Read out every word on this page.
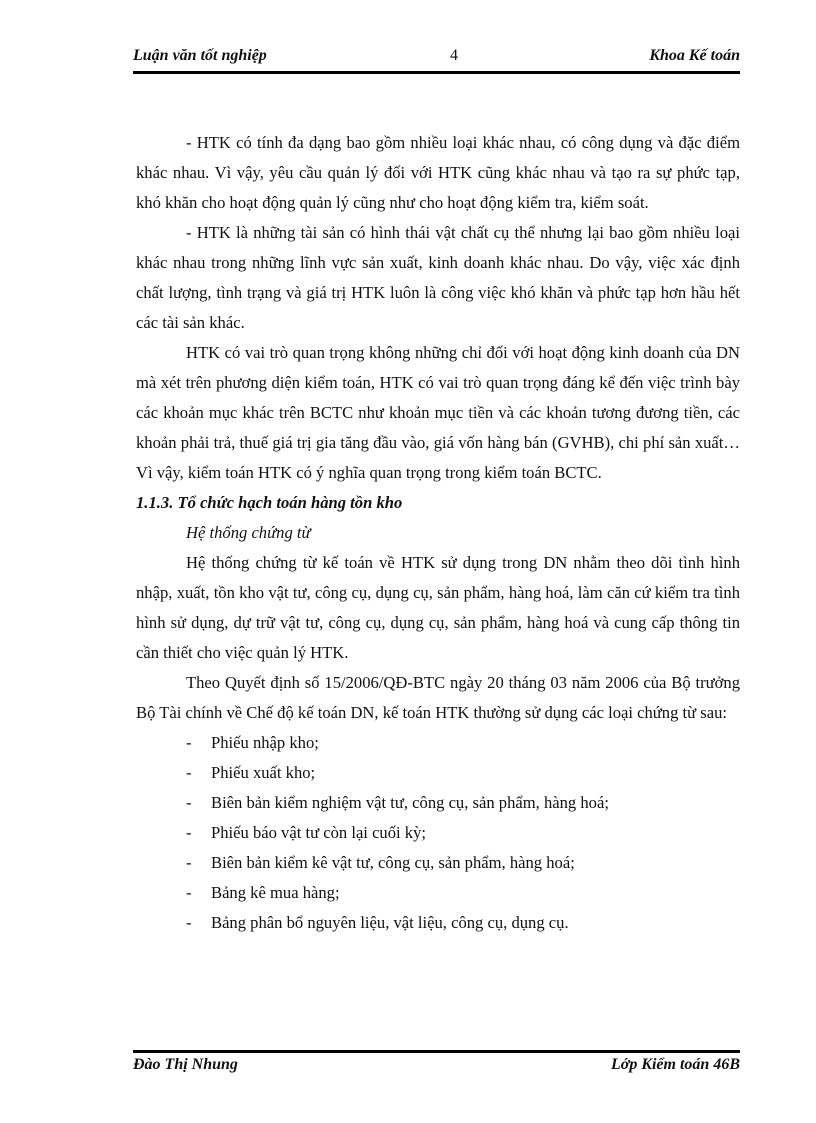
Luận văn tốt nghiệp	4	Khoa Kế toán

- HTK có tính đa dạng bao gồm nhiều loại khác nhau, có công dụng và đặc điểm khác nhau. Vì vậy, yêu cầu quản lý đối với HTK cũng khác nhau và tạo ra sự phức tạp, khó khăn cho hoạt động quản lý cũng như cho hoạt động kiểm tra, kiểm soát.

- HTK là những tài sản có hình thái vật chất cụ thể nhưng lại bao gồm nhiều loại khác nhau trong những lĩnh vực sản xuất, kinh doanh khác nhau. Do vậy, việc xác định chất lượng, tình trạng và giá trị HTK luôn là công việc khó khăn và phức tạp hơn hầu hết các tài sản khác.

HTK có vai trò quan trọng không những chỉ đối với hoạt động kinh doanh của DN mà xét trên phương diện kiểm toán, HTK có vai trò quan trọng đáng kể đến việc trình bày các khoản mục khác trên BCTC như khoản mục tiền và các khoản tương đương tiền, các khoản phải trả, thuế giá trị gia tăng đầu vào, giá vốn hàng bán (GVHB), chi phí sản xuất… Vì vậy, kiểm toán HTK có ý nghĩa quan trọng trong kiểm toán BCTC.

1.1.3. Tổ chức hạch toán hàng tồn kho

Hệ thống chứng từ

Hệ thống chứng từ kế toán về HTK sử dụng trong DN nhằm theo dõi tình hình nhập, xuất, tồn kho vật tư, công cụ, dụng cụ, sản phẩm, hàng hoá, làm căn cứ kiểm tra tình hình sử dụng, dự trữ vật tư, công cụ, dụng cụ, sản phẩm, hàng hoá và cung cấp thông tin cần thiết cho việc quản lý HTK.

Theo Quyết định số 15/2006/QĐ-BTC ngày 20 tháng 03 năm 2006 của Bộ trưởng Bộ Tài chính về Chế độ kế toán DN, kế toán HTK thường sử dụng các loại chứng từ sau:

- Phiếu nhập kho;

- Phiếu xuất kho;

- Biên bản kiểm nghiệm vật tư, công cụ, sản phẩm, hàng hoá;

- Phiếu báo vật tư còn lại cuối kỳ;

- Biên bản kiểm kê vật tư, công cụ, sản phẩm, hàng hoá;

- Bảng kê mua hàng;

- Bảng phân bổ nguyên liệu, vật liệu, công cụ, dụng cụ.

Đào Thị Nhung	Lớp Kiểm toán 46B
